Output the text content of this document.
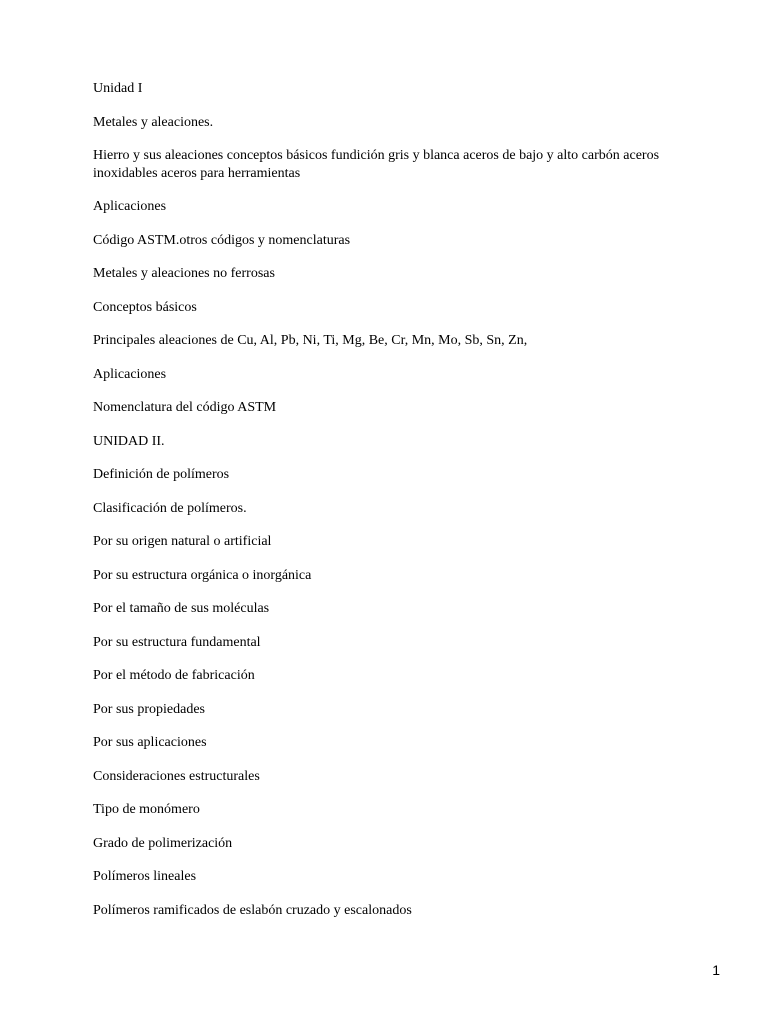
Unidad I

Metales y aleaciones.

Hierro y sus aleaciones conceptos básicos fundición gris y blanca aceros de bajo y alto carbón aceros inoxidables aceros para herramientas

Aplicaciones

Código ASTM.otros códigos y nomenclaturas

Metales y aleaciones no ferrosas

Conceptos básicos

Principales aleaciones de Cu, Al, Pb, Ni, Ti, Mg, Be, Cr, Mn, Mo, Sb, Sn, Zn,

Aplicaciones

Nomenclatura del código ASTM

UNIDAD II.

Definición de polímeros

Clasificación de polímeros.

Por su origen natural o artificial

Por su estructura orgánica o inorgánica

Por el tamaño de sus moléculas

Por su estructura fundamental

Por el método de fabricación

Por sus propiedades

Por sus aplicaciones

Consideraciones estructurales

Tipo de monómero

Grado de polimerización

Polímeros lineales

Polímeros ramificados de eslabón cruzado y escalonados

1
